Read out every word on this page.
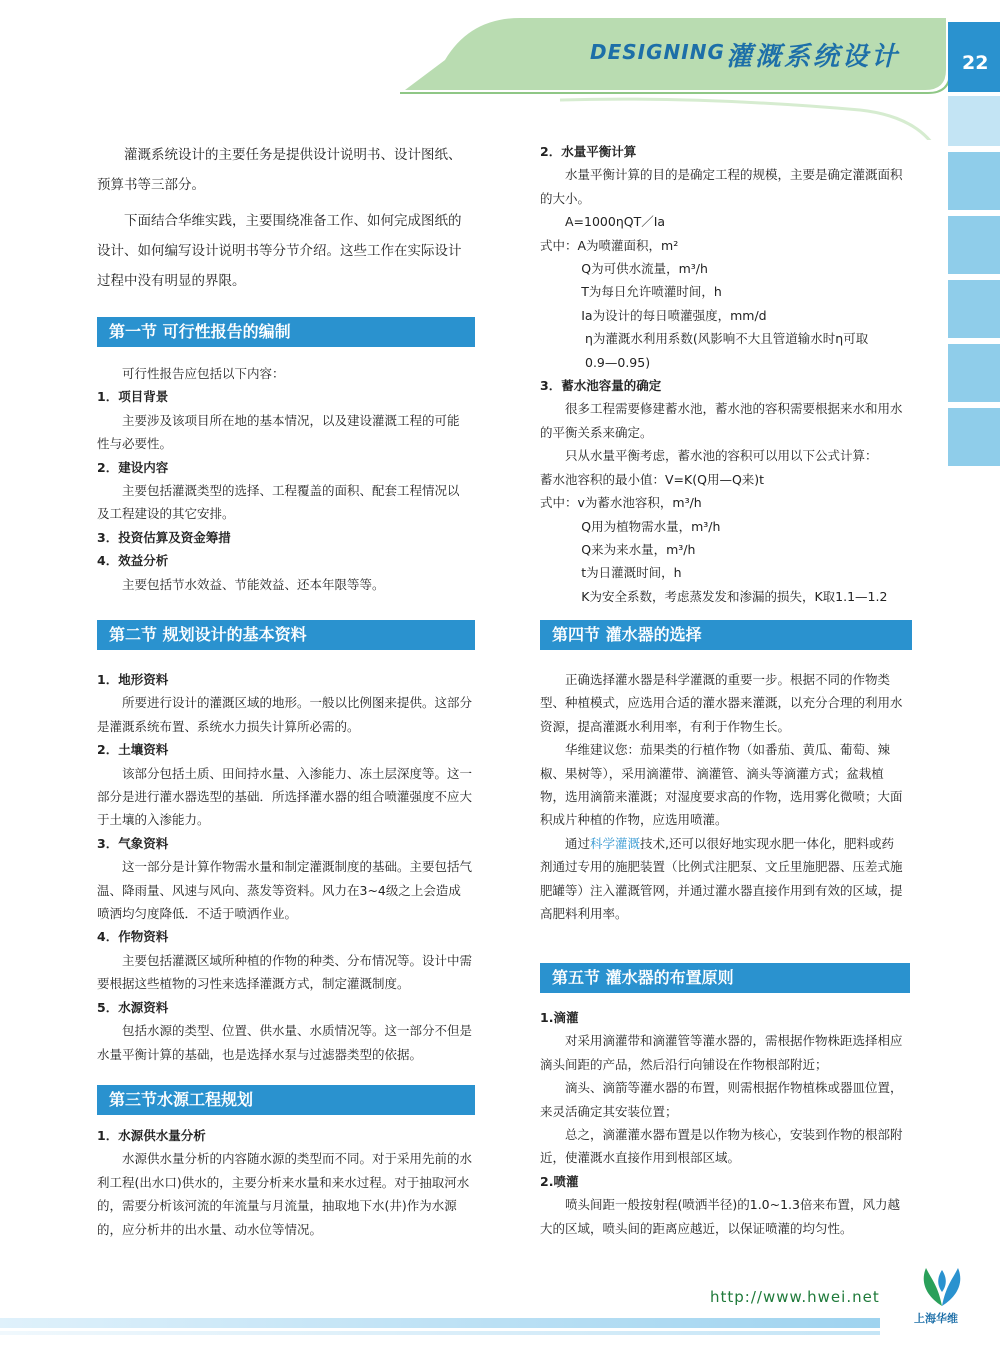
DESIGNING 灌溉系统设计	22

灌溉系统设计的主要任务是提供设计说明书、设计图纸、预算书等三部分。

下面结合华维实践，主要围绕准备工作、如何完成图纸的设计、如何编写设计说明书等分节介绍。这些工作在实际设计过程中没有明显的界限。

第一节 可行性报告的编制

可行性报告应包括以下内容：

1．项目背景

主要涉及该项目所在地的基本情况，以及建设灌溉工程的可能性与必要性。

2．建设内容

主要包括灌溉类型的选择、工程覆盖的面积、配套工程情况以及工程建设的其它安排。

3．投资估算及资金筹措

4．效益分析

主要包括节水效益、节能效益、还本年限等等。

第二节 规划设计的基本资料

1．地形资料

所要进行设计的灌溉区域的地形。一般以比例图来提供。这部分是灌溉系统布置、系统水力损失计算所必需的。

2．土壤资料

该部分包括土质、田间持水量、入渗能力、冻土层深度等。这一部分是进行灌水器选型的基础．所选择灌水器的组合喷灌强度不应大于土壤的入渗能力。

3．气象资料

这一部分是计算作物需水量和制定灌溉制度的基础。主要包括气温、降雨量、风速与风向、蒸发等资料。风力在3~4级之上会造成喷洒均匀度降低．不适于喷洒作业。

4．作物资料

主要包括灌溉区域所种植的作物的种类、分布情况等。设计中需要根据这些植物的习性来选择灌溉方式，制定灌溉制度。

5．水源资料

包括水源的类型、位置、供水量、水质情况等。这一部分不但是水量平衡计算的基础，也是选择水泵与过滤器类型的依据。

第三节水源工程规划

1．水源供水量分析

水源供水量分析的内容随水源的类型而不同。对于采用先前的水利工程(出水口)供水的，主要分析来水量和来水过程。对于抽取河水的，需要分析该河流的年流量与月流量，抽取地下水(井)作为水源的，应分析井的出水量、动水位等情况。

2．水量平衡计算

水量平衡计算的目的是确定工程的规模，主要是确定灌溉面积的大小。

A=1000ηQT／Ia

式中：A为喷灌面积，m²

Q为可供水流量，m³/h

T为每日允许喷灌时间，h

Ia为设计的每日喷灌强度，mm/d

η为灌溉水利用系数(风影响不大且管道输水时η可取

0.9—0.95)

3．蓄水池容量的确定

很多工程需要修建蓄水池，蓄水池的容积需要根据来水和用水的平衡关系来确定。

只从水量平衡考虑，蓄水池的容积可以用以下公式计算：

蓄水池容积的最小值：V=K(Q用—Q来)t

式中：v为蓄水池容积，m³/h

Q用为植物需水量，m³/h

Q来为来水量，m³/h

t为日灌溉时间，h

K为安全系数，考虑蒸发发和渗漏的损失，K取1.1—1.2

第四节 灌水器的选择

正确选择灌水器是科学灌溉的重要一步。根据不同的作物类型、种植模式，应选用合适的灌水器来灌溉，以充分合理的利用水资源，提高灌溉水利用率，有利于作物生长。

华维建议您：茄果类的行植作物（如番茄、黄瓜、葡萄、辣椒、果树等），采用滴灌带、滴灌管、滴头等滴灌方式；盆栽植物，选用滴箭来灌溉；对湿度要求高的作物，选用雾化微喷；大面积成片种植的作物，应选用喷灌。

通过科学灌溉技术,还可以很好地实现水肥一体化，肥料或药剂通过专用的施肥装置（比例式注肥泵、文丘里施肥器、压差式施肥罐等）注入灌溉管网，并通过灌水器直接作用到有效的区域，提高肥料利用率。

第五节 灌水器的布置原则

1.滴灌

对采用滴灌带和滴灌管等灌水器的，需根据作物株距选择相应滴头间距的产品，然后沿行向铺设在作物根部附近；

滴头、滴箭等灌水器的布置，则需根据作物植株或器皿位置，来灵活确定其安装位置；

总之，滴灌灌水器布置是以作物为核心，安装到作物的根部附近，使灌溉水直接作用到根部区域。

2.喷灌

喷头间距一般按射程(喷洒半径)的1.0~1.3倍来布置，风力越大的区域，喷头间的距离应越近，以保证喷灌的均匀性。

http://www.hwei.net
上海华维
